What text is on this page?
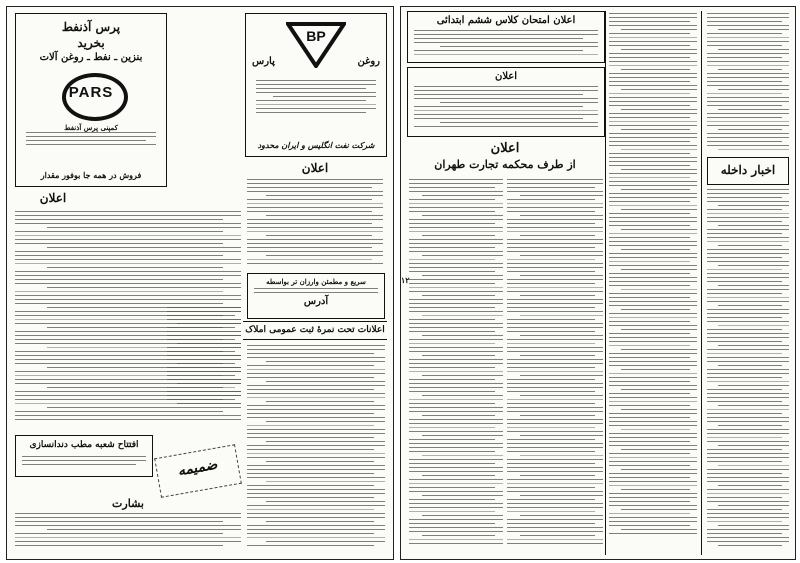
پرس آذنفط
بخرید
بنزین ـ نفط ـ روغن آلات
PARS
کمپنی پرس آذنفط
فروش در همه جا بوفور مقدار
پارس	روغن
BP
شرکت نفت انگلیس و ایران محدود
اعلان
سریع و مطمئن وارزان تر بواسطه
آدرس
اعلان
اعلانات تحت نمرۀ ثبت عمومی املاک
ضمیمه
افتتاح شعبه مطب دندانسازی
بشارت
اعلان امتحان کلاس ششم ابتدائی
اعلان
اعلان
از طرف محکمه تجارت طهران	اخبار داخله
۱۲
